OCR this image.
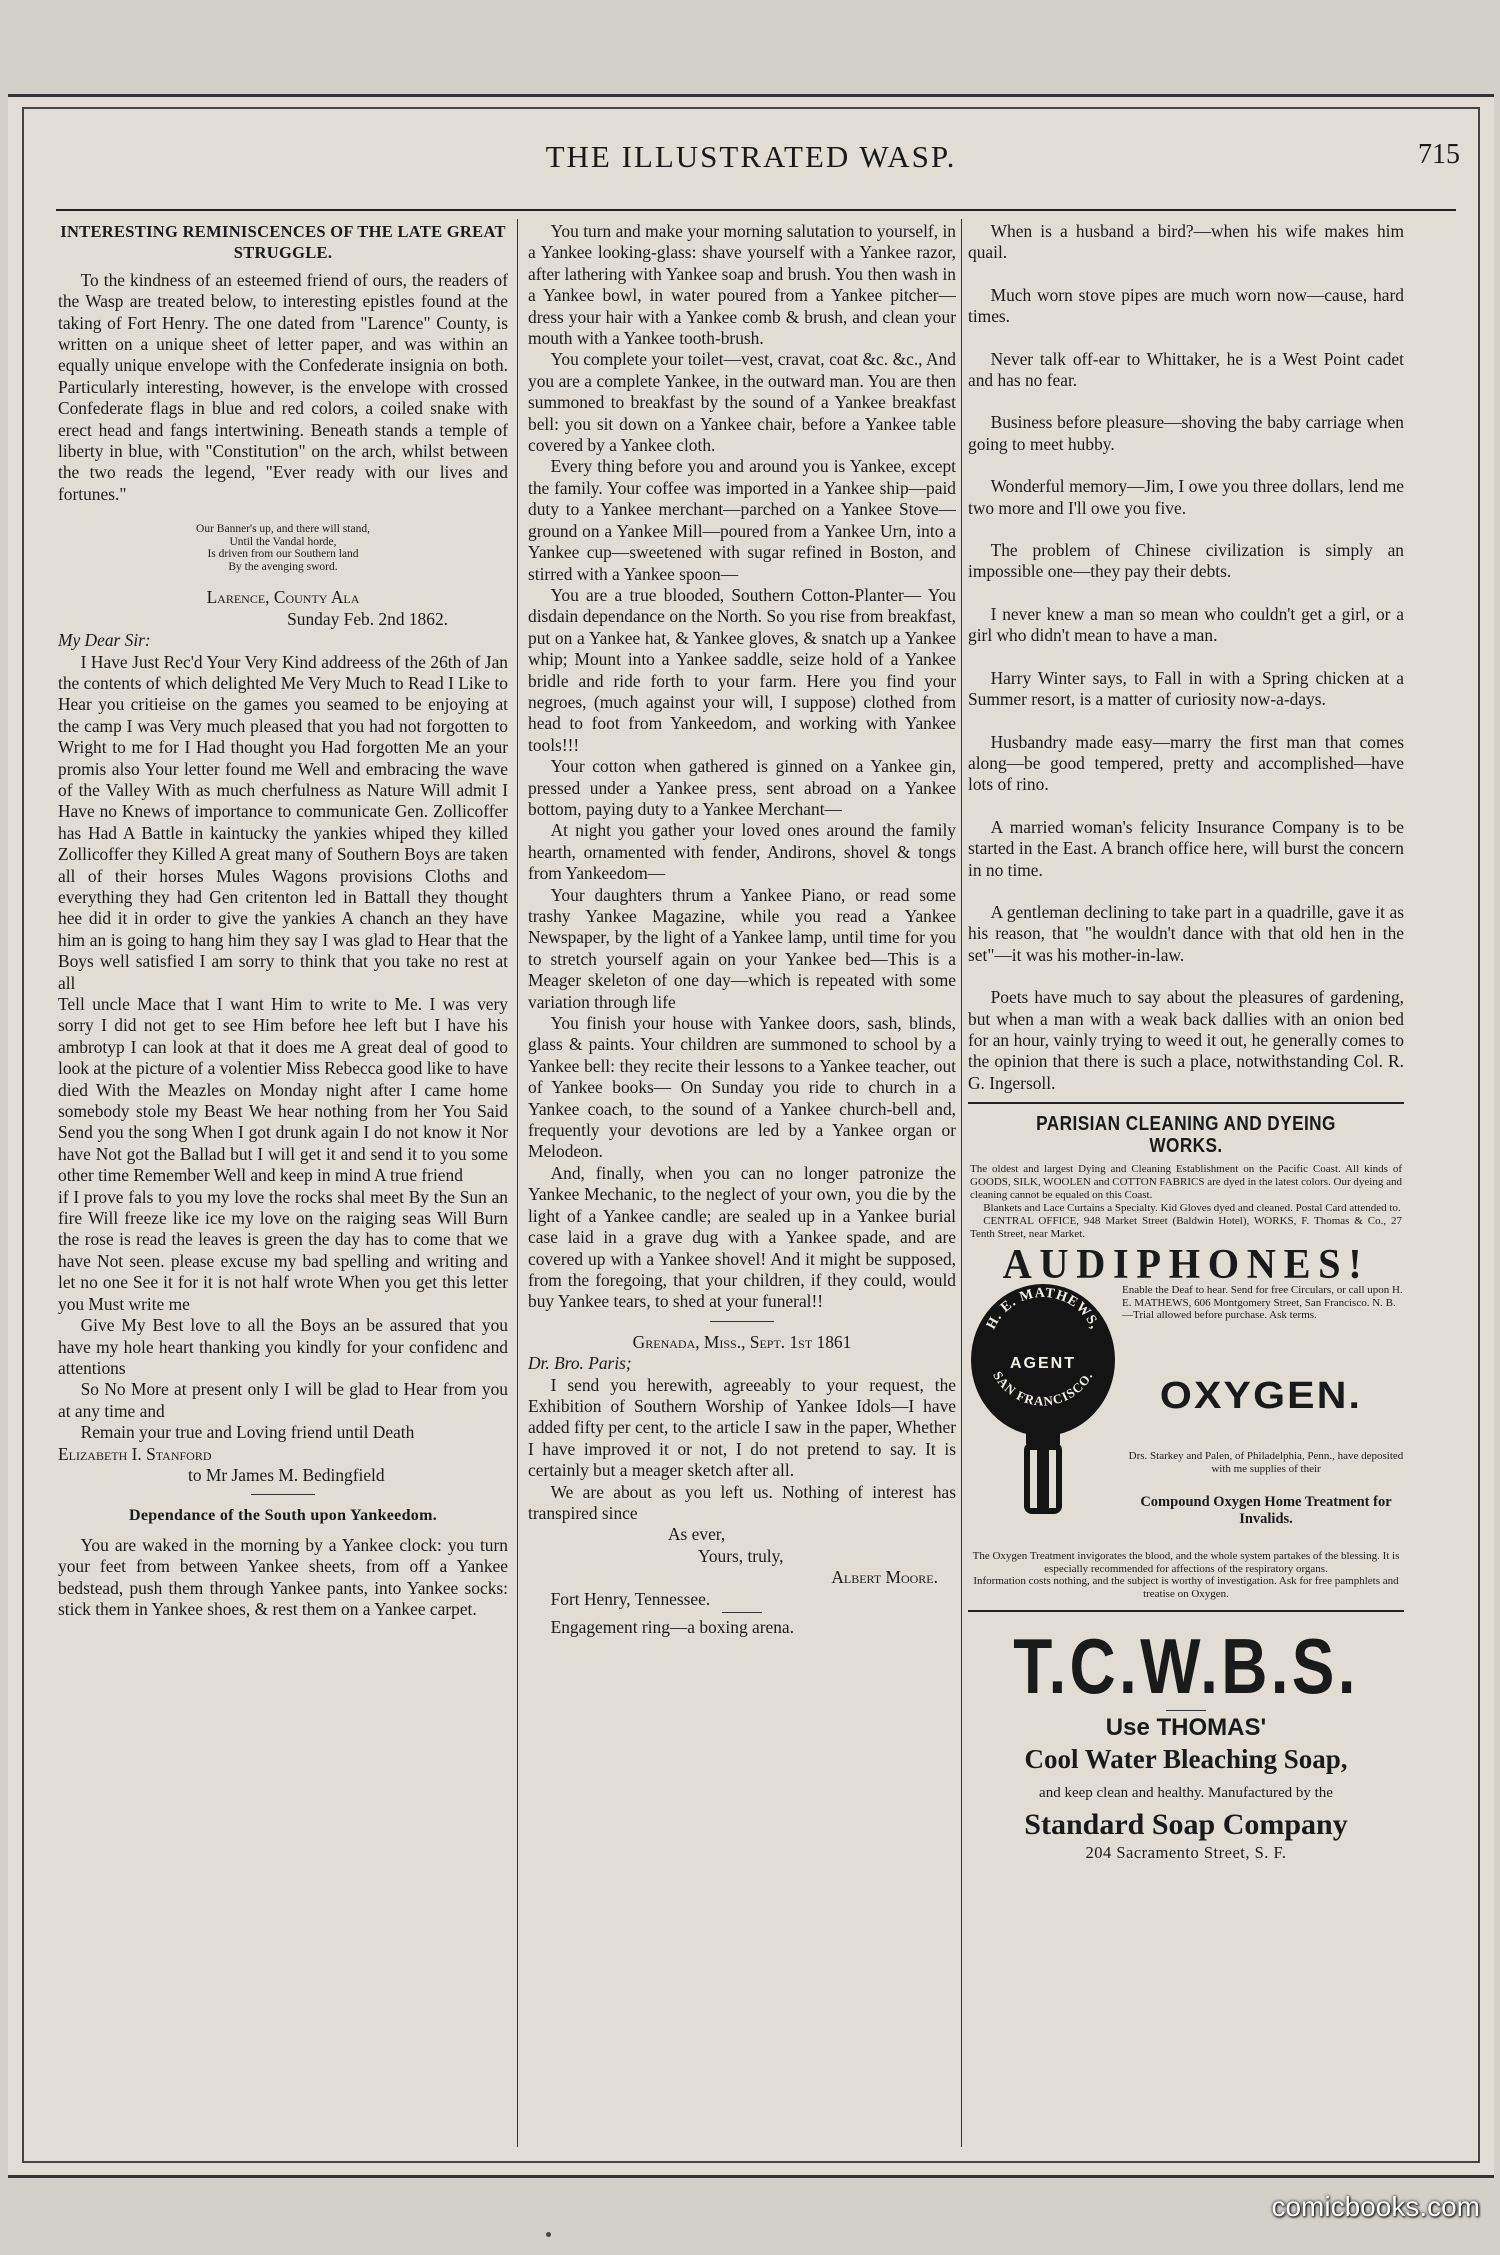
THE ILLUSTRATED WASP.	715

INTERESTING REMINISCENCES OF THE LATE GREAT STRUGGLE.

To the kindness of an esteemed friend of ours, the readers of the Wasp are treated below, to interesting epistles found at the taking of Fort Henry. The one dated from "Larence" County, is written on a unique sheet of letter paper, and was within an equally unique envelope with the Confederate insignia on both. Particularly interesting, however, is the envelope with crossed Confederate flags in blue and red colors, a coiled snake with erect head and fangs intertwining. Beneath stands a temple of liberty in blue, with "Constitution" on the arch, whilst between the two reads the legend, "Ever ready with our lives and fortunes."

Our Banner's up, and there will stand,
Until the Vandal horde,
Is driven from our Southern land
By the avenging sword.

Larence, County Ala

Sunday Feb. 2nd 1862.

My Dear Sir:

I Have Just Rec'd Your Very Kind addreess of the 26th of Jan the contents of which delighted Me Very Much to Read I Like to Hear you critieise on the games you seamed to be enjoying at the camp I was Very much pleased that you had not forgotten to Wright to me for I Had thought you Had forgotten Me an your promis also Your letter found me Well and embracing the wave of the Valley With as much cherfulness as Nature Will admit I Have no Knews of importance to communicate Gen. Zollicoffer has Had A Battle in kaintucky the yankies whiped they killed Zollicoffer they Killed A great many of Southern Boys are taken all of their horses Mules Wagons provisions Cloths and everything they had Gen critenton led in Battall they thought hee did it in order to give the yankies A chanch an they have him an is going to hang him they say I was glad to Hear that the Boys well satisfied I am sorry to think that you take no rest at all

Tell uncle Mace that I want Him to write to Me. I was very sorry I did not get to see Him before hee left but I have his ambrotyp I can look at that it does me A great deal of good to look at the picture of a volentier Miss Rebecca good like to have died With the Meazles on Monday night after I came home somebody stole my Beast We hear nothing from her You Said Send you the song When I got drunk again I do not know it Nor have Not got the Ballad but I will get it and send it to you some other time Remember Well and keep in mind A true friend

if I prove fals to you my love the rocks shal meet By the Sun an fire Will freeze like ice my love on the raiging seas Will Burn the rose is read the leaves is green the day has to come that we have Not seen. please excuse my bad spelling and writing and let no one See it for it is not half wrote When you get this letter you Must write me

Give My Best love to all the Boys an be assured that you have my hole heart thanking you kindly for your confidenc and attentions

So No More at present only I will be glad to Hear from you at any time and

Remain your true and Loving friend until Death

Elizabeth I. Stanford

to Mr James M. Bedingfield

Dependance of the South upon Yankeedom.

You are waked in the morning by a Yankee clock: you turn your feet from between Yankee sheets, from off a Yankee bedstead, push them through Yankee pants, into Yankee socks: stick them in Yankee shoes, & rest them on a Yankee carpet.

You turn and make your morning salutation to yourself, in a Yankee looking-glass: shave yourself with a Yankee razor, after lathering with Yankee soap and brush. You then wash in a Yankee bowl, in water poured from a Yankee pitcher—dress your hair with a Yankee comb & brush, and clean your mouth with a Yankee tooth-brush.

You complete your toilet—vest, cravat, coat &c. &c., And you are a complete Yankee, in the outward man. You are then summoned to breakfast by the sound of a Yankee breakfast bell: you sit down on a Yankee chair, before a Yankee table covered by a Yankee cloth.

Every thing before you and around you is Yankee, except the family. Your coffee was imported in a Yankee ship—paid duty to a Yankee merchant—parched on a Yankee Stove—ground on a Yankee Mill—poured from a Yankee Urn, into a Yankee cup—sweetened with sugar refined in Boston, and stirred with a Yankee spoon—

You are a true blooded, Southern Cotton-Planter— You disdain dependance on the North. So you rise from breakfast, put on a Yankee hat, & Yankee gloves, & snatch up a Yankee whip; Mount into a Yankee saddle, seize hold of a Yankee bridle and ride forth to your farm. Here you find your negroes, (much against your will, I suppose) clothed from head to foot from Yankeedom, and working with Yankee tools!!!

Your cotton when gathered is ginned on a Yankee gin, pressed under a Yankee press, sent abroad on a Yankee bottom, paying duty to a Yankee Merchant—

At night you gather your loved ones around the family hearth, ornamented with fender, Andirons, shovel & tongs from Yankeedom—

Your daughters thrum a Yankee Piano, or read some trashy Yankee Magazine, while you read a Yankee Newspaper, by the light of a Yankee lamp, until time for you to stretch yourself again on your Yankee bed—This is a Meager skeleton of one day—which is repeated with some variation through life

You finish your house with Yankee doors, sash, blinds, glass & paints. Your children are summoned to school by a Yankee bell: they recite their lessons to a Yankee teacher, out of Yankee books— On Sunday you ride to church in a Yankee coach, to the sound of a Yankee church-bell and, frequently your devotions are led by a Yankee organ or Melodeon.

And, finally, when you can no longer patronize the Yankee Mechanic, to the neglect of your own, you die by the light of a Yankee candle; are sealed up in a Yankee burial case laid in a grave dug with a Yankee spade, and are covered up with a Yankee shovel! And it might be supposed, from the foregoing, that your children, if they could, would buy Yankee tears, to shed at your funeral!!

Grenada, Miss., Sept. 1st 1861

Dr. Bro. Paris;

I send you herewith, agreeably to your request, the Exhibition of Southern Worship of Yankee Idols—I have added fifty per cent, to the article I saw in the paper, Whether I have improved it or not, I do not pretend to say. It is certainly but a meager sketch after all.

We are about as you left us. Nothing of interest has transpired since

As ever,

Yours, truly,

Albert Moore.

Fort Henry, Tennessee.

Engagement ring—a boxing arena.

When is a husband a bird?—when his wife makes him quail.

Much worn stove pipes are much worn now—cause, hard times.

Never talk off-ear to Whittaker, he is a West Point cadet and has no fear.

Business before pleasure—shoving the baby carriage when going to meet hubby.

Wonderful memory—Jim, I owe you three dollars, lend me two more and I'll owe you five.

The problem of Chinese civilization is simply an impossible one—they pay their debts.

I never knew a man so mean who couldn't get a girl, or a girl who didn't mean to have a man.

Harry Winter says, to Fall in with a Spring chicken at a Summer resort, is a matter of curiosity now-a-days.

Husbandry made easy—marry the first man that comes along—be good tempered, pretty and accomplished—have lots of rino.

A married woman's felicity Insurance Company is to be started in the East. A branch office here, will burst the concern in no time.

A gentleman declining to take part in a quadrille, gave it as his reason, that "he wouldn't dance with that old hen in the set"—it was his mother-in-law.

Poets have much to say about the pleasures of gardening, but when a man with a weak back dallies with an onion bed for an hour, vainly trying to weed it out, he generally comes to the opinion that there is such a place, notwithstanding Col. R. G. Ingersoll.

PARISIAN CLEANING AND DYEING WORKS.

The oldest and largest Dying and Cleaning Establishment on the Pacific Coast. All kinds of GOODS, SILK, WOOLEN and COTTON FABRICS are dyed in the latest colors. Our dyeing and cleaning cannot be equaled on this Coast.

Blankets and Lace Curtains a Specialty. Kid Gloves dyed and cleaned. Postal Card attended to.

CENTRAL OFFICE, 948 Market Street (Baldwin Hotel), WORKS, F. Thomas & Co., 27 Tenth Street, near Market.

AUDIPHONES!
H. E. MATHEWS,
AGENT
SAN FRANCISCO.
Enable the Deaf to hear. Send for free Circulars, or call upon H. E. MATHEWS, 606 Montgomery Street, San Francisco. N. B.—Trial allowed before purchase. Ask terms.
OXYGEN.
Drs. Starkey and Palen, of Philadelphia, Penn., have deposited with me supplies of their
Compound Oxygen Home Treatment for Invalids.
The Oxygen Treatment invigorates the blood, and the whole system partakes of the blessing. It is especially recommended for affections of the respiratory organs.
Information costs nothing, and the subject is worthy of investigation. Ask for free pamphlets and treatise on Oxygen.
T.C.W.B.S.
Use THOMAS'
Cool Water Bleaching Soap,
and keep clean and healthy. Manufactured by the
Standard Soap Company
204 Sacramento Street, S. F.
comicbooks.com
